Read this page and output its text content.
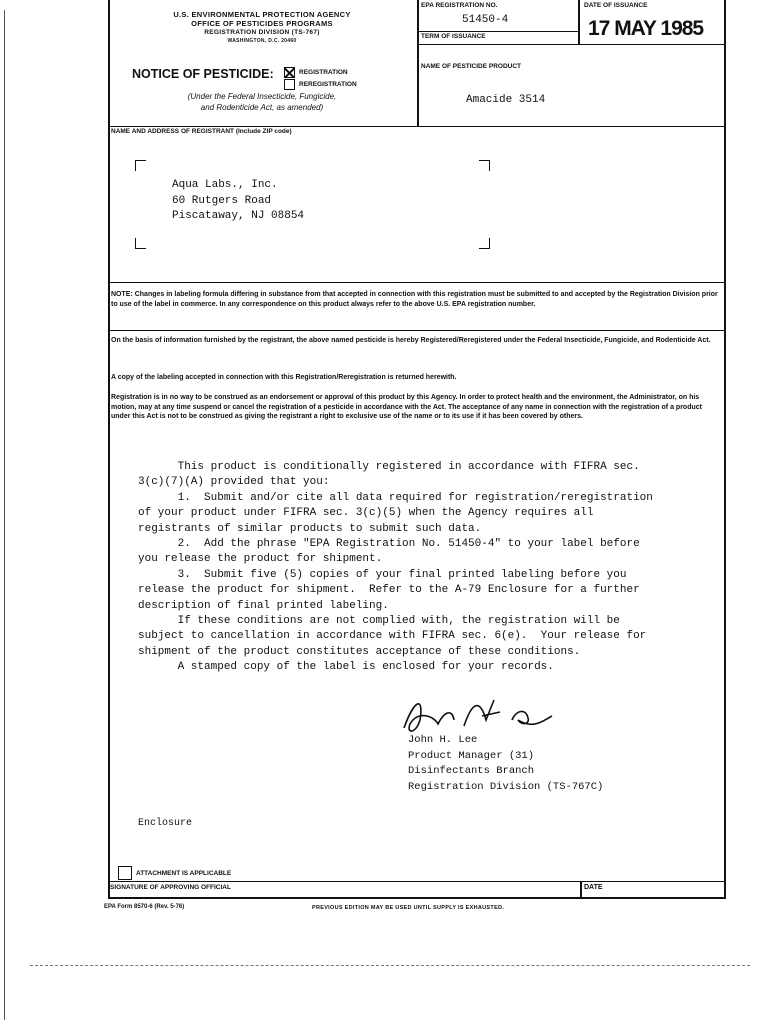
U.S. ENVIRONMENTAL PROTECTION AGENCY
OFFICE OF PESTICIDES PROGRAMS
REGISTRATION DIVISION (TS-767)
WASHINGTON, D.C. 20460
NOTICE OF PESTICIDE:	REGISTRATION
REREGISTRATION
(Under the Federal Insecticide, Fungicide,
and Rodenticide Act, as amended)
EPA REGISTRATION NO.
51450-4
TERM OF ISSUANCE
DATE OF ISSUANCE
17 MAY 1985
NAME OF PESTICIDE PRODUCT
Amacide 3514
NAME AND ADDRESS OF REGISTRANT (Include ZIP code)
Aqua Labs., Inc.
60 Rutgers Road
Piscataway, NJ 08854
NOTE: Changes in labeling formula differing in substance from that accepted in connection with this registration must be submitted to and accepted by the Registration Division prior to use of the label in commerce. In any correspondence on this product always refer to the above U.S. EPA registration number.
On the basis of information furnished by the registrant, the above named pesticide is hereby Registered/Reregistered under the Federal Insecticide, Fungicide, and Rodenticide Act.
A copy of the labeling accepted in connection with this Registration/Reregistration is returned herewith.
Registration is in no way to be construed as an endorsement or approval of this product by this Agency. In order to protect health and the environment, the Administrator, on his motion, may at any time suspend or cancel the registration of a pesticide in accordance with the Act. The acceptance of any name in connection with the registration of a product under this Act is not to be construed as giving the registrant a right to exclusive use of the name or to its use if it has been covered by others.
This product is conditionally registered in accordance with FIFRA sec.
3(c)(7)(A) provided that you:
1.  Submit and/or cite all data required for registration/reregistration
of your product under FIFRA sec. 3(c)(5) when the Agency requires all
registrants of similar products to submit such data.
2.  Add the phrase "EPA Registration No. 51450-4" to your label before
you release the product for shipment.
3.  Submit five (5) copies of your final printed labeling before you
release the product for shipment.  Refer to the A-79 Enclosure for a further
description of final printed labeling.
If these conditions are not complied with, the registration will be
subject to cancellation in accordance with FIFRA sec. 6(e).  Your release for
shipment of the product constitutes acceptance of these conditions.
A stamped copy of the label is enclosed for your records.
John H. Lee
Product Manager (31)
Disinfectants Branch
Registration Division (TS-767C)
Enclosure
ATTACHMENT IS APPLICABLE
SIGNATURE OF APPROVING OFFICIAL	DATE
EPA Form 8570-6 (Rev. 5-76)	PREVIOUS EDITION MAY BE USED UNTIL SUPPLY IS EXHAUSTED.
